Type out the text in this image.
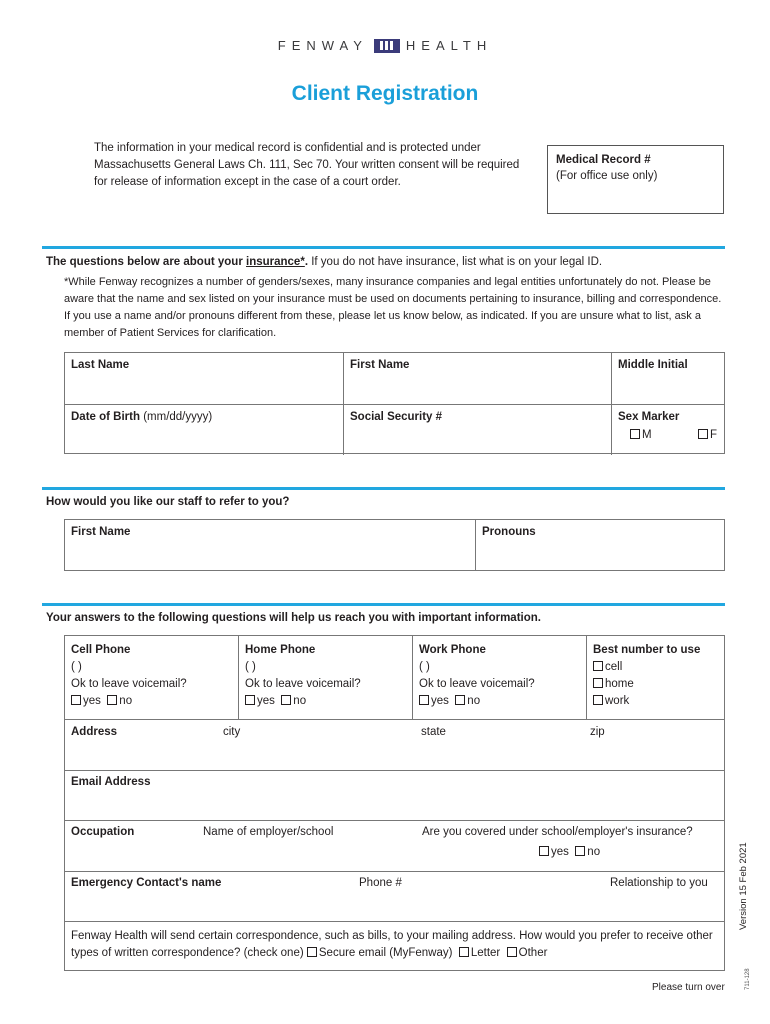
FENWAY	HEALTH
Client Registration
The information in your medical record is confidential and is protected under Massachusetts General Laws Ch. 111, Sec 70. Your written consent will be required for release of information except in the case of a court order.
Medical Record #
(For office use only)
The questions below are about your insurance*. If you do not have insurance, list what is on your legal ID.
*While Fenway recognizes a number of genders/sexes, many insurance companies and legal entities unfortunately do not. Please be aware that the name and sex listed on your insurance must be used on documents pertaining to insurance, billing and correspondence. If you use a name and/or pronouns different from these, please let us know below, as indicated. If you are unsure what to list, ask a member of Patient Services for clarification.
Last Name	First Name	Middle Initial
Date of Birth (mm/dd/yyyy)	Social Security #	Sex Marker
M	F
How would you like our staff to refer to you?
First Name	Pronouns
Your answers to the following questions will help us reach you with important information.
Cell Phone
( )
Ok to leave voicemail?
yes no
Home Phone
( )
Ok to leave voicemail?
yes no
Work Phone
( )
Ok to leave voicemail?
yes no
Best number to use
cell
home
work
Address	city	state	zip
Email Address
Occupation	Name of employer/school	Are you covered under school/employer's insurance?
yes no
Emergency Contact's name	Phone #	Relationship to you
Fenway Health will send certain correspondence, such as bills, to your mailing address. How would you prefer to receive other types of written correspondence? (check one) Secure email (MyFenway) Letter Other
Version 15 Feb 2021
711-128
Please turn over
